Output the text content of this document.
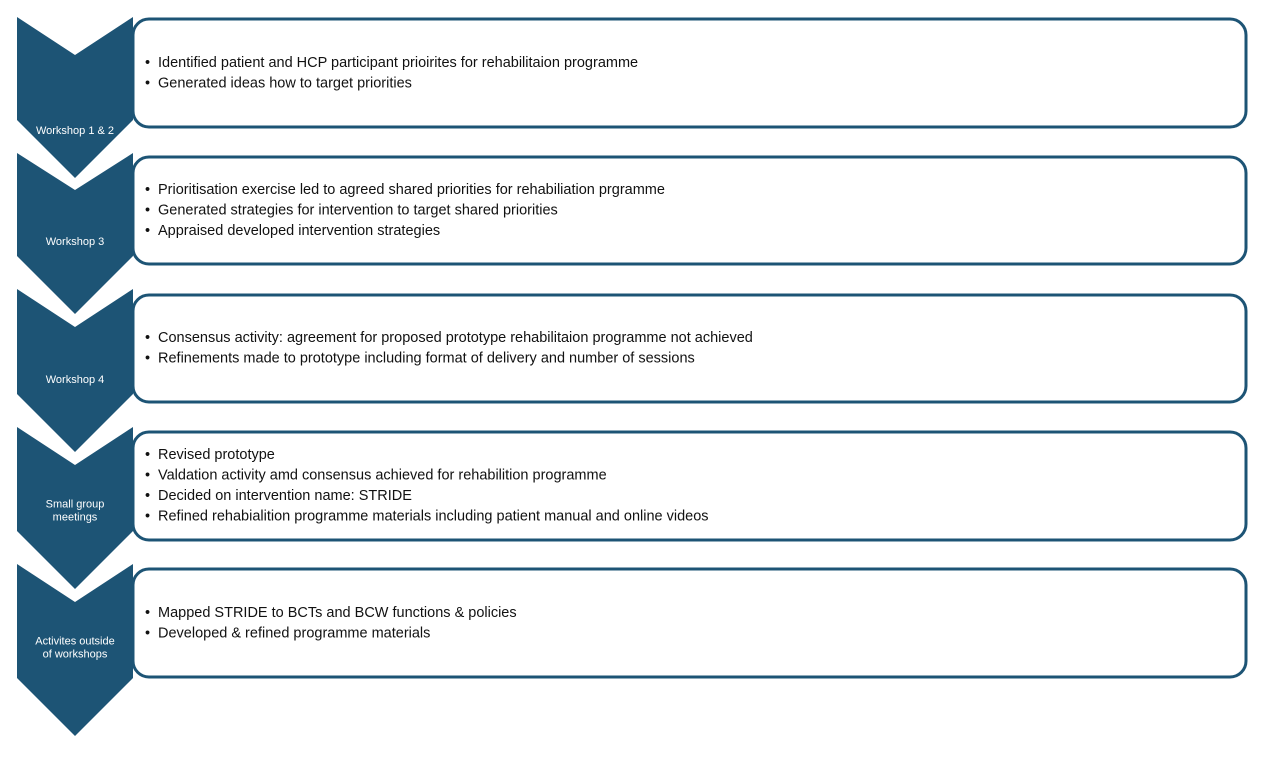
Workshop 1 & 2
• Identified patient and HCP participant prioirites for rehabilitaion programme
• Generated ideas how to target priorities
Workshop 3
• Prioritisation exercise led to agreed shared priorities for rehabiliation prgramme
• Generated strategies for intervention to target shared priorities
• Appraised developed intervention strategies
Workshop 4
• Consensus activity: agreement for proposed prototype rehabilitaion programme not achieved
• Refinements made to prototype including format of delivery and number of sessions
Small group
meetings
• Revised prototype
• Valdation activity amd consensus achieved for rehabilition programme
• Decided on intervention name: STRIDE
• Refined rehabialition programme materials including patient manual and online videos
Activites outside
of workshops
• Mapped STRIDE to BCTs and BCW functions & policies
• Developed & refined programme materials
